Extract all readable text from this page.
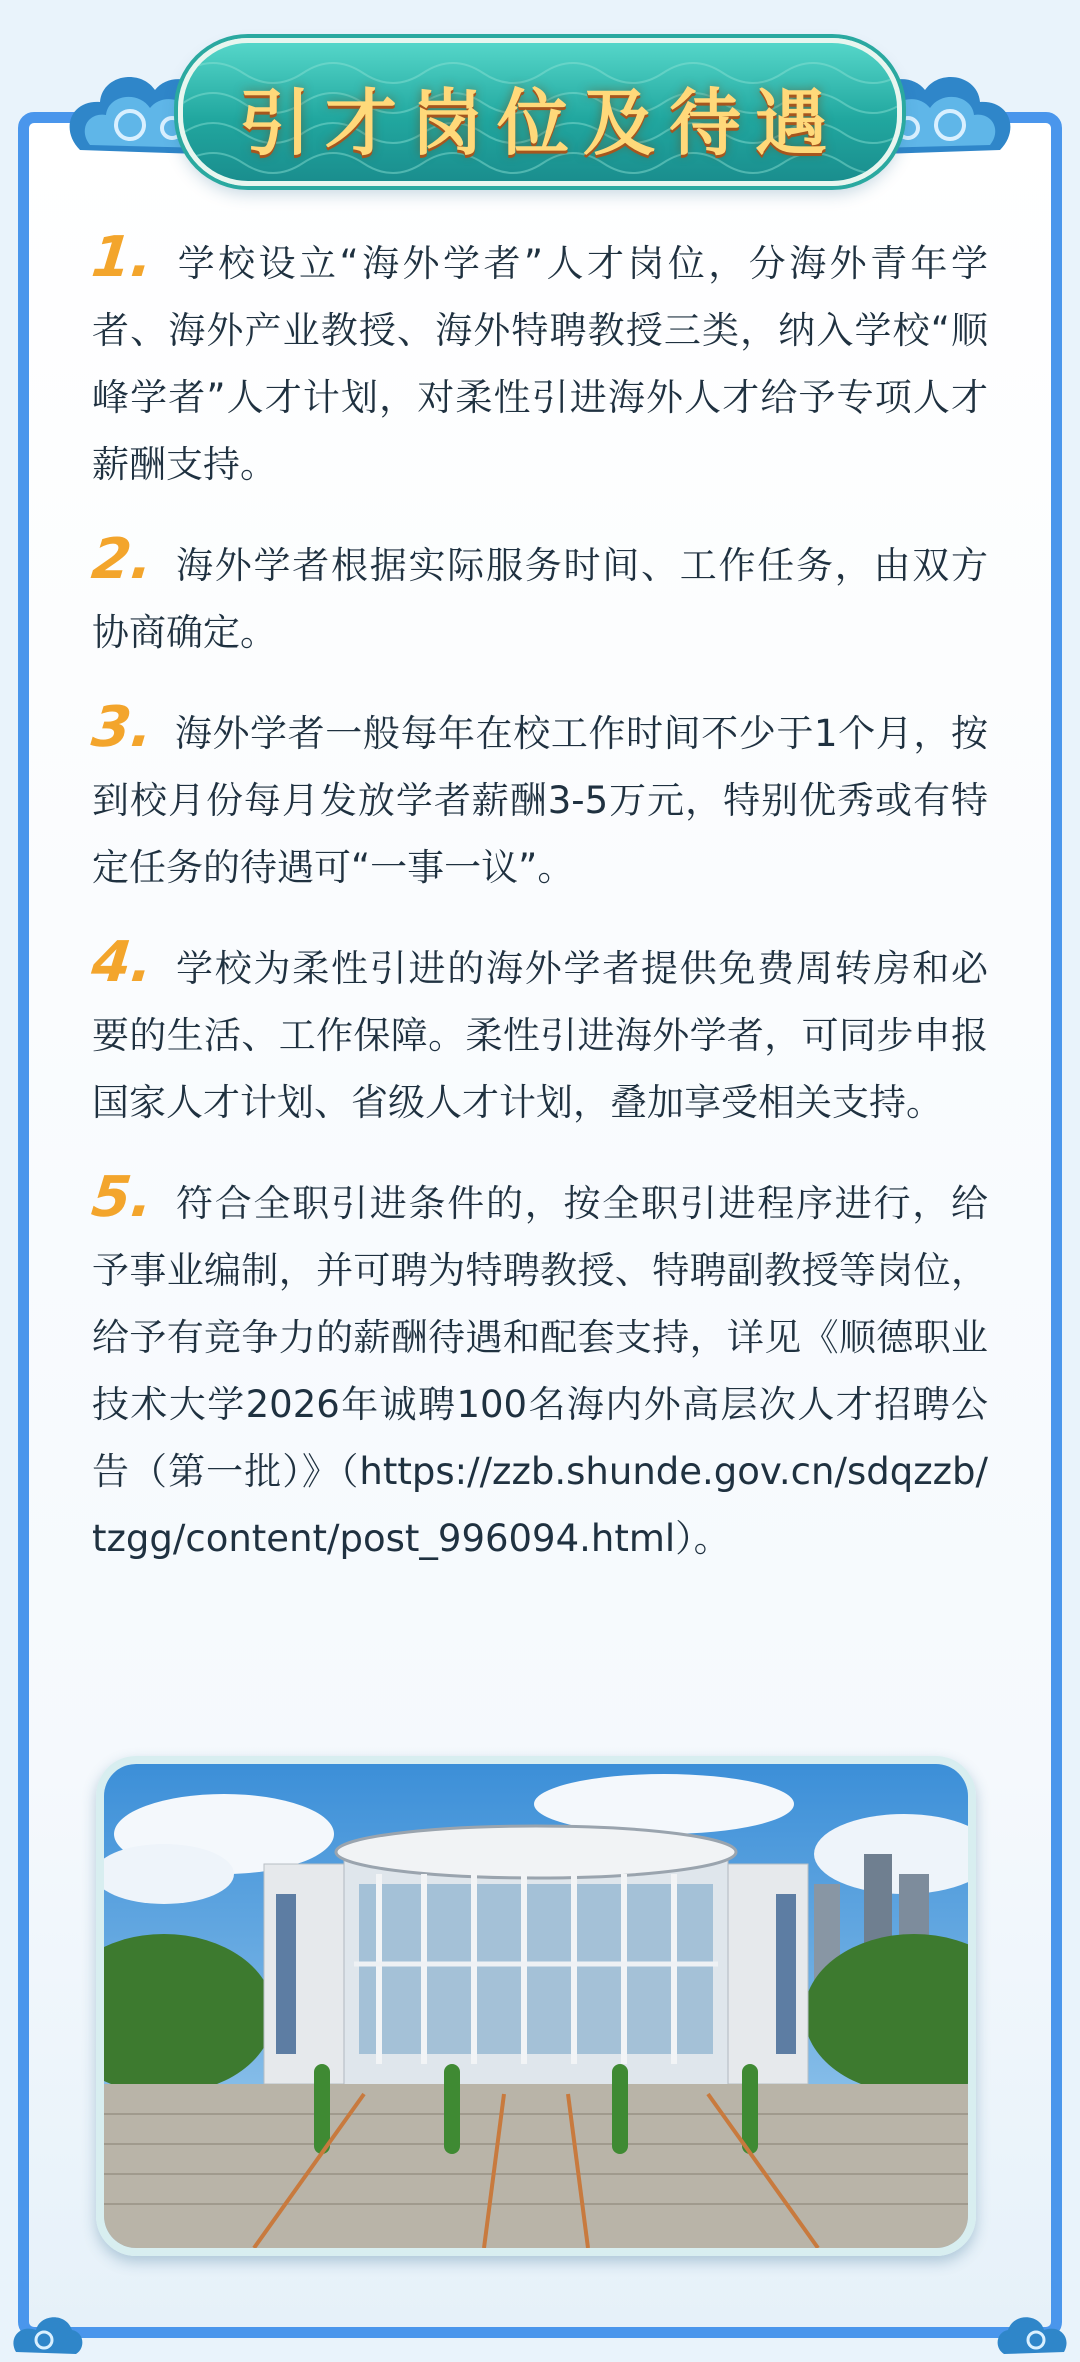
引才岗位及待遇

1. 学校设立“海外学者”人才岗位，分海外青年学者、海外产业教授、海外特聘教授三类，纳入学校“顺峰学者”人才计划，对柔性引进海外人才给予专项人才薪酬支持。

2. 海外学者根据实际服务时间、工作任务，由双方协商确定。

3. 海外学者一般每年在校工作时间不少于1个月，按到校月份每月发放学者薪酬3-5万元，特别优秀或有特定任务的待遇可“一事一议”。

4. 学校为柔性引进的海外学者提供免费周转房和必要的生活、工作保障。柔性引进海外学者，可同步申报国家人才计划、省级人才计划，叠加享受相关支持。

5. 符合全职引进条件的，按全职引进程序进行，给予事业编制，并可聘为特聘教授、特聘副教授等岗位，给予有竞争力的薪酬待遇和配套支持，详见《顺德职业技术大学2026年诚聘100名海内外高层次人才招聘公告（第一批）》（https://zzb.shunde.gov.cn/sdqzzb/tzgg/content/post_996094.html）。
